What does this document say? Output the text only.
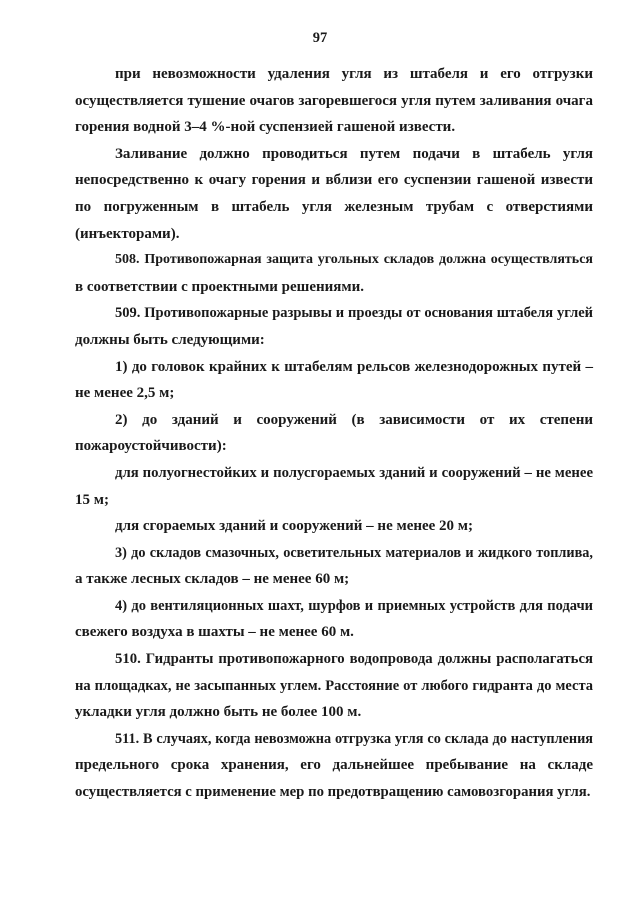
97
при невозможности удаления угля из штабеля и его отгрузки
осуществляется тушение очагов загоревшегося угля путем заливания очага
горения водной 3–4 %-ной суспензией гашеной извести.
Заливание должно проводиться путем подачи в штабель угля
непосредственно к очагу горения и вблизи его суспензии гашеной извести
по погруженным в штабель угля железным трубам с отверстиями
(инъекторами).
508. Противопожарная защита угольных складов должна осуществляться
в соответствии с проектными решениями.
509. Противопожарные разрывы и проезды от основания штабеля углей
должны быть следующими:
1) до головок крайних к штабелям рельсов железнодорожных путей –
не менее 2,5 м;
2) до зданий и сооружений (в зависимости от их степени
пожароустойчивости):
для полуогнестойких и полусгораемых зданий и сооружений – не менее
15 м;
для сгораемых зданий и сооружений – не менее 20 м;
3) до складов смазочных, осветительных материалов и жидкого топлива,
а также лесных складов – не менее 60 м;
4) до вентиляционных шахт, шурфов и приемных устройств для подачи
свежего воздуха в шахты – не менее 60 м.
510. Гидранты противопожарного водопровода должны располагаться
на площадках, не засыпанных углем. Расстояние от любого гидранта до места
укладки угля должно быть не более 100 м.
511. В случаях, когда невозможна отгрузка угля со склада до наступления
предельного срока хранения, его дальнейшее пребывание на складе
осуществляется с применение мер по предотвращению самовозгорания угля.
